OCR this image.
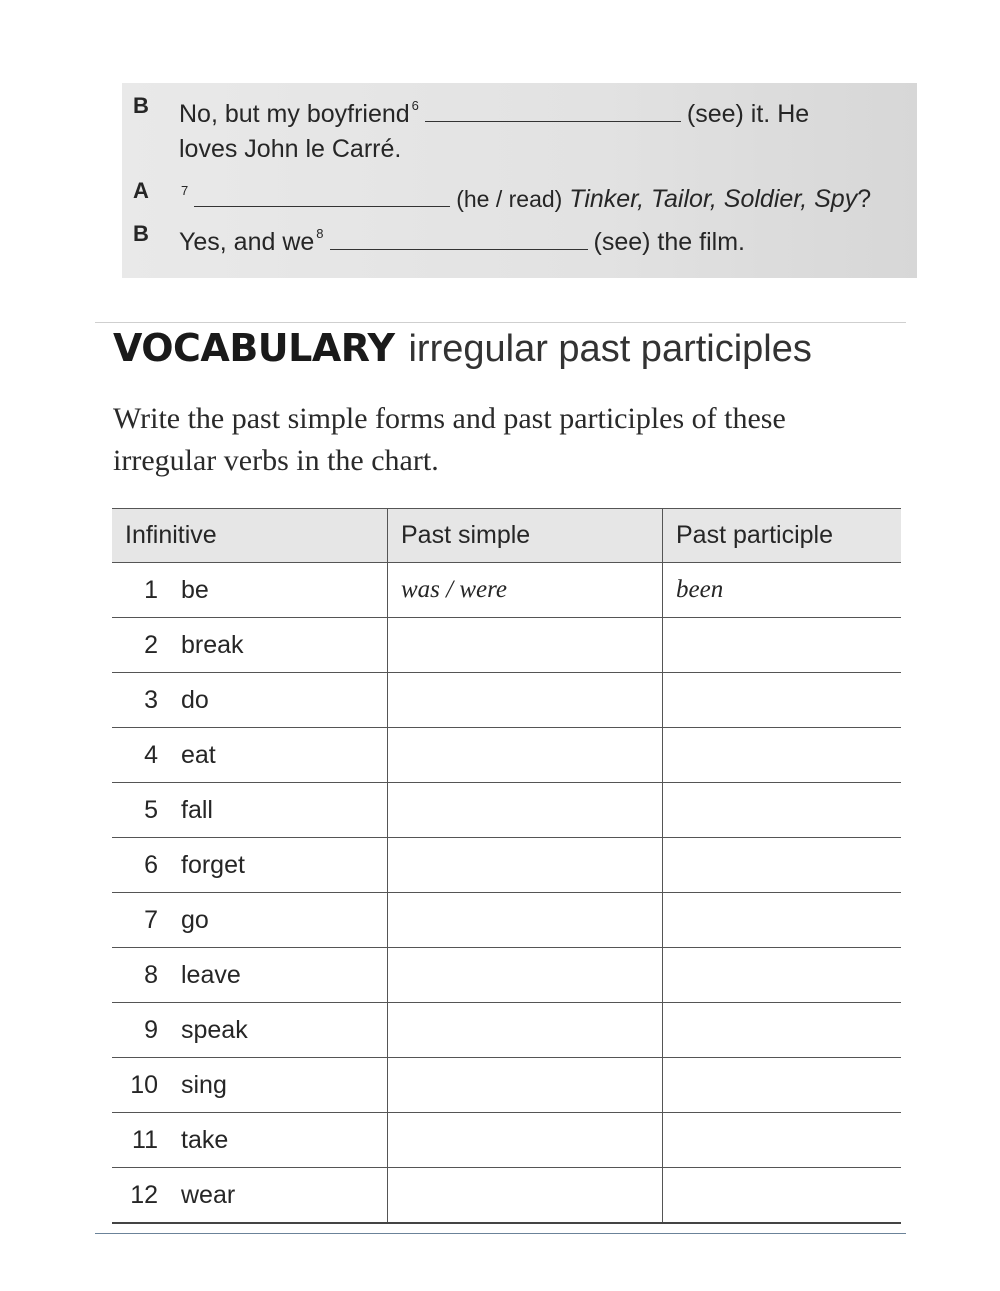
B No, but my boyfriend $^6$	(see) it. He
loves John le Carré.
A $^7$	(he / read) Tinker, Tailor, Soldier, Spy?
B Yes, and we $^8$	(see) the film.
VOCABULARY irregular past participles
Write the past simple forms and past participles of these irregular verbs in the chart.
Infinitive	Past simple	Past participle
1 be	was / were	been
2 break		
3 do		
4 eat		
5 fall		
6 forget		
7 go		
8 leave		
9 speak		
10 sing		
11 take		
12 wear		
